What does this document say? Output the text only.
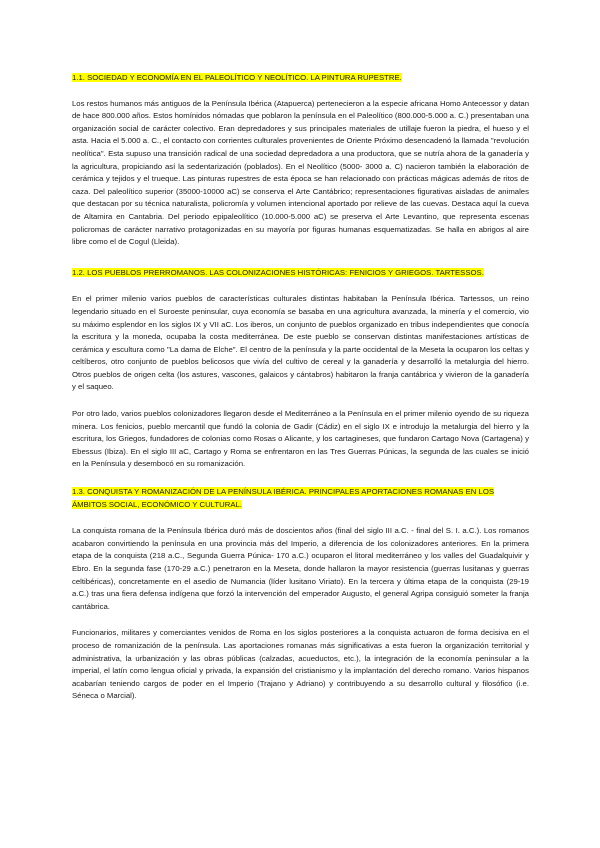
1.1. SOCIEDAD Y ECONOMÍA EN EL PALEOLÍTICO Y NEOLÍTICO. LA PINTURA RUPESTRE.

Los restos humanos más antiguos de la Península Ibérica (Atapuerca) pertenecieron a la especie africana Homo Antecessor y datan de hace 800.000 años. Estos homínidos nómadas que poblaron la península en el Paleolítico (800.000-5.000 a. C.) presentaban una organización social de carácter colectivo. Eran depredadores y sus principales materiales de utillaje fueron la piedra, el hueso y el asta. Hacia el 5.000 a. C., el contacto con corrientes culturales provenientes de Oriente Próximo desencadenó la llamada "revolución neolítica". Esta supuso una transición radical de una sociedad depredadora a una productora, que se nutría ahora de la ganadería y la agricultura, propiciando así la sedentarización (poblados). En el Neolítico (5000- 3000 a. C) nacieron también la elaboración de cerámica y tejidos y el trueque. Las pinturas rupestres de esta época se han relacionado con prácticas mágicas además de ritos de caza. Del paleolítico superior (35000-10000 aC) se conserva el Arte Cantábrico; representaciones figurativas aisladas de animales que destacan por su técnica naturalista, policromía y volumen intencional aportado por relieve de las cuevas. Destaca aquí la cueva de Altamira en Cantabria. Del periodo epipaleolítico (10.000-5.000 aC) se preserva el Arte Levantino, que representa escenas policromas de carácter narrativo protagonizadas en su mayoría por figuras humanas esquematizadas. Se halla en abrigos al aire libre como el de Cogul (Lleida).

1.2. LOS PUEBLOS PRERROMANOS. LAS COLONIZACIONES HISTÓRICAS: FENICIOS Y GRIEGOS. TARTESSOS.

En el primer milenio varios pueblos de características culturales distintas habitaban la Península Ibérica. Tartessos, un reino legendario situado en el Suroeste peninsular, cuya economía se basaba en una agricultura avanzada, la minería y el comercio, vio su máximo esplendor en los siglos IX y VII aC. Los iberos, un conjunto de pueblos organizado en tribus independientes que conocía la escritura y la moneda, ocupaba la costa mediterránea. De este pueblo se conservan distintas manifestaciones artísticas de cerámica y escultura como "La dama de Elche". El centro de la península y la parte occidental de la Meseta la ocuparon los celtas y celtíberos, otro conjunto de pueblos belicosos que vivía del cultivo de cereal y la ganadería y desarrolló la metalurgia del hierro. Otros pueblos de origen celta (los astures, vascones, galaicos y cántabros) habitaron la franja cantábrica y vivieron de la ganadería y el saqueo.

Por otro lado, varios pueblos colonizadores llegaron desde el Mediterráneo a la Península en el primer milenio oyendo de su riqueza minera. Los fenicios, pueblo mercantil que fundó la colonia de Gadir (Cádiz) en el siglo IX e introdujo la metalurgia del hierro y la escritura, los Griegos, fundadores de colonias como Rosas o Alicante, y los cartagineses, que fundaron Cartago Nova (Cartagena) y Ebessus (Ibiza). En el siglo III aC, Cartago y Roma se enfrentaron en las Tres Guerras Púnicas, la segunda de las cuales se inició en la Península y desembocó en su romanización.

1.3. CONQUISTA Y ROMANIZACIÓN DE LA PENÍNSULA IBÉRICA. PRINCIPALES APORTACIONES ROMANAS EN LOS ÁMBITOS SOCIAL, ECONÓMICO Y CULTURAL.

La conquista romana de la Península Ibérica duró más de doscientos años (final del siglo III a.C. - final del S. I. a.C.). Los romanos acabaron convirtiendo la península en una provincia más del Imperio, a diferencia de los colonizadores anteriores. En la primera etapa de la conquista (218 a.C., Segunda Guerra Púnica- 170 a.C.) ocuparon el litoral mediterráneo y los valles del Guadalquivir y Ebro. En la segunda fase (170-29 a.C.) penetraron en la Meseta, donde hallaron la mayor resistencia (guerras lusitanas y guerras celtibéricas), concretamente en el asedio de Numancia (líder lusitano Viriato). En la tercera y última etapa de la conquista (29-19 a.C.) tras una fiera defensa indígena que forzó la intervención del emperador Augusto, el general Agripa consiguió someter la franja cantábrica.

Funcionarios, militares y comerciantes venidos de Roma en los siglos posteriores a la conquista actuaron de forma decisiva en el proceso de romanización de la península. Las aportaciones romanas más significativas a esta fueron la organización territorial y administrativa, la urbanización y las obras públicas (calzadas, acueductos, etc.), la integración de la economía peninsular a la imperial, el latín como lengua oficial y privada, la expansión del cristianismo y la implantación del derecho romano. Varios hispanos acabarían teniendo cargos de poder en el Imperio (Trajano y Adriano) y contribuyendo a su desarrollo cultural y filosófico (i.e. Séneca o Marcial).
